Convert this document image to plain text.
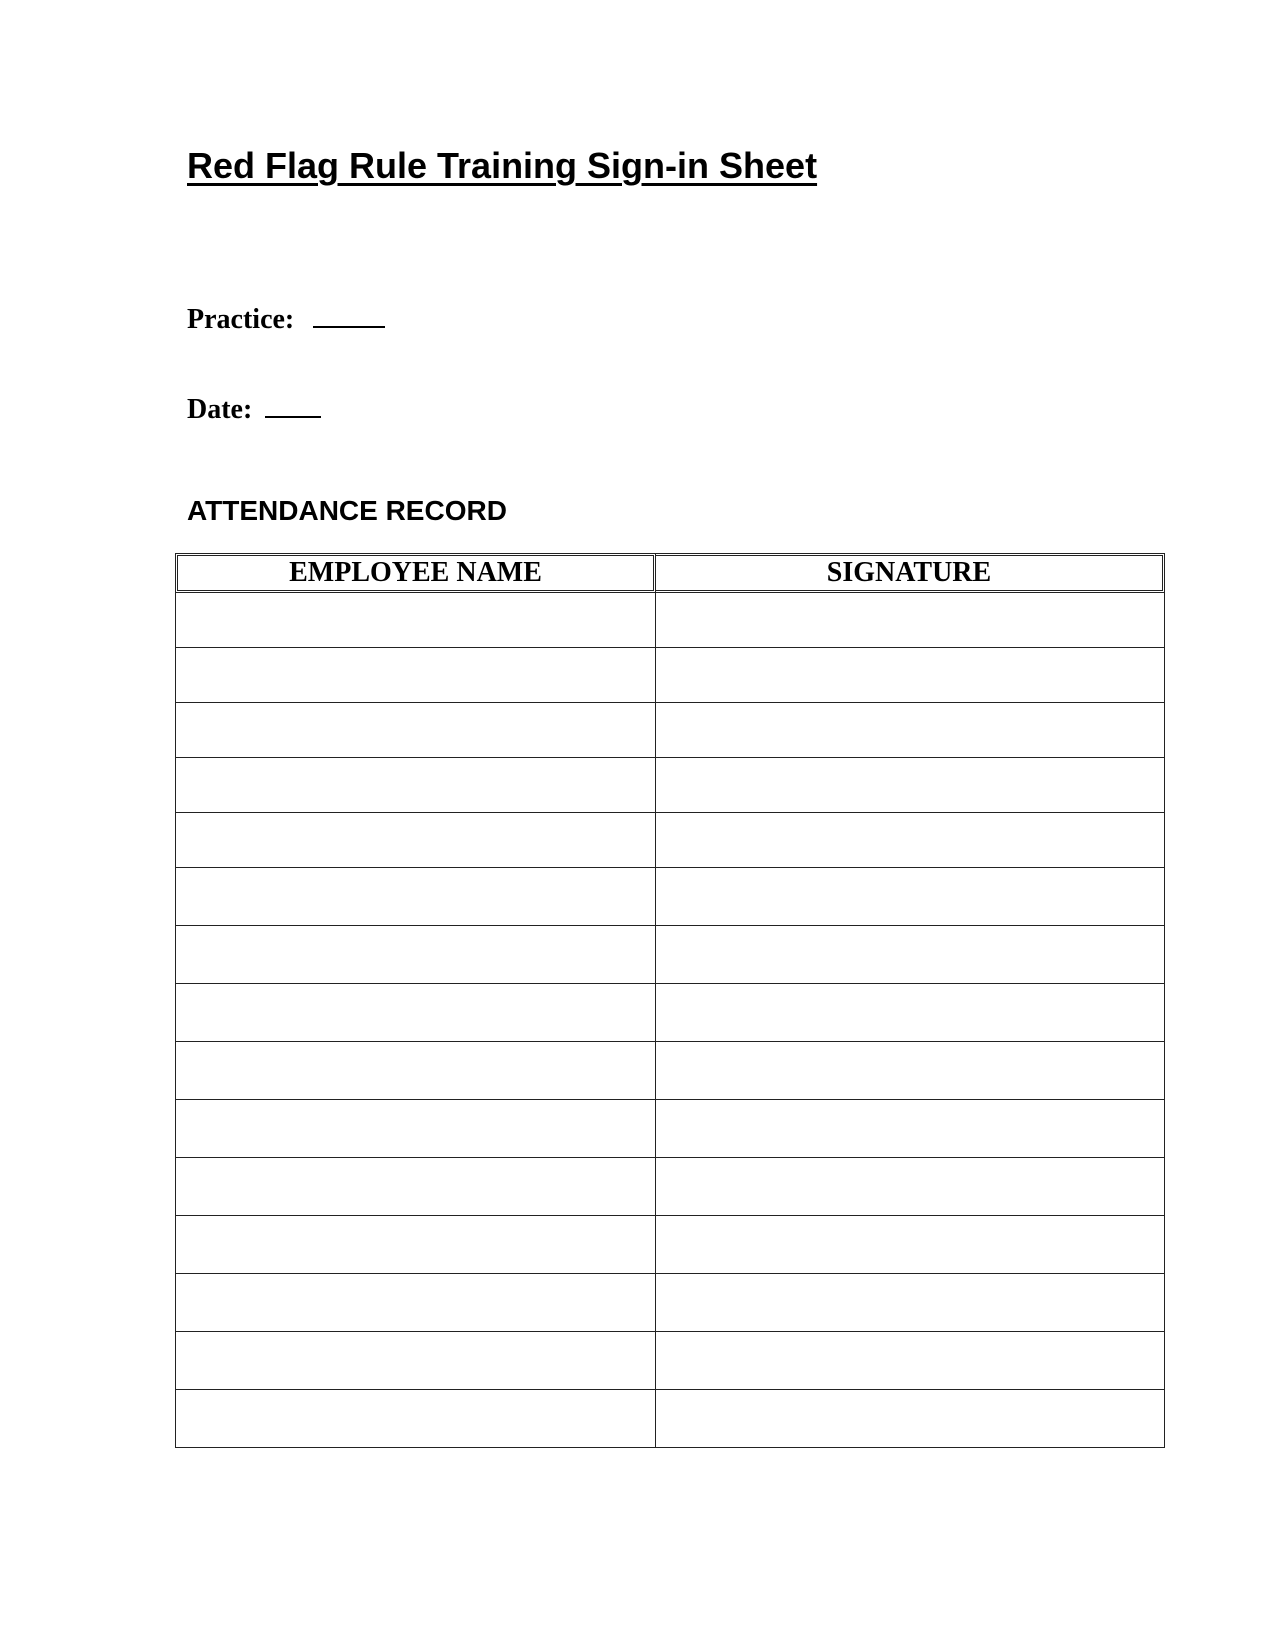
Red Flag Rule Training Sign-in Sheet
Practice:
Date:
ATTENDANCE RECORD
EMPLOYEE NAME	SIGNATURE
